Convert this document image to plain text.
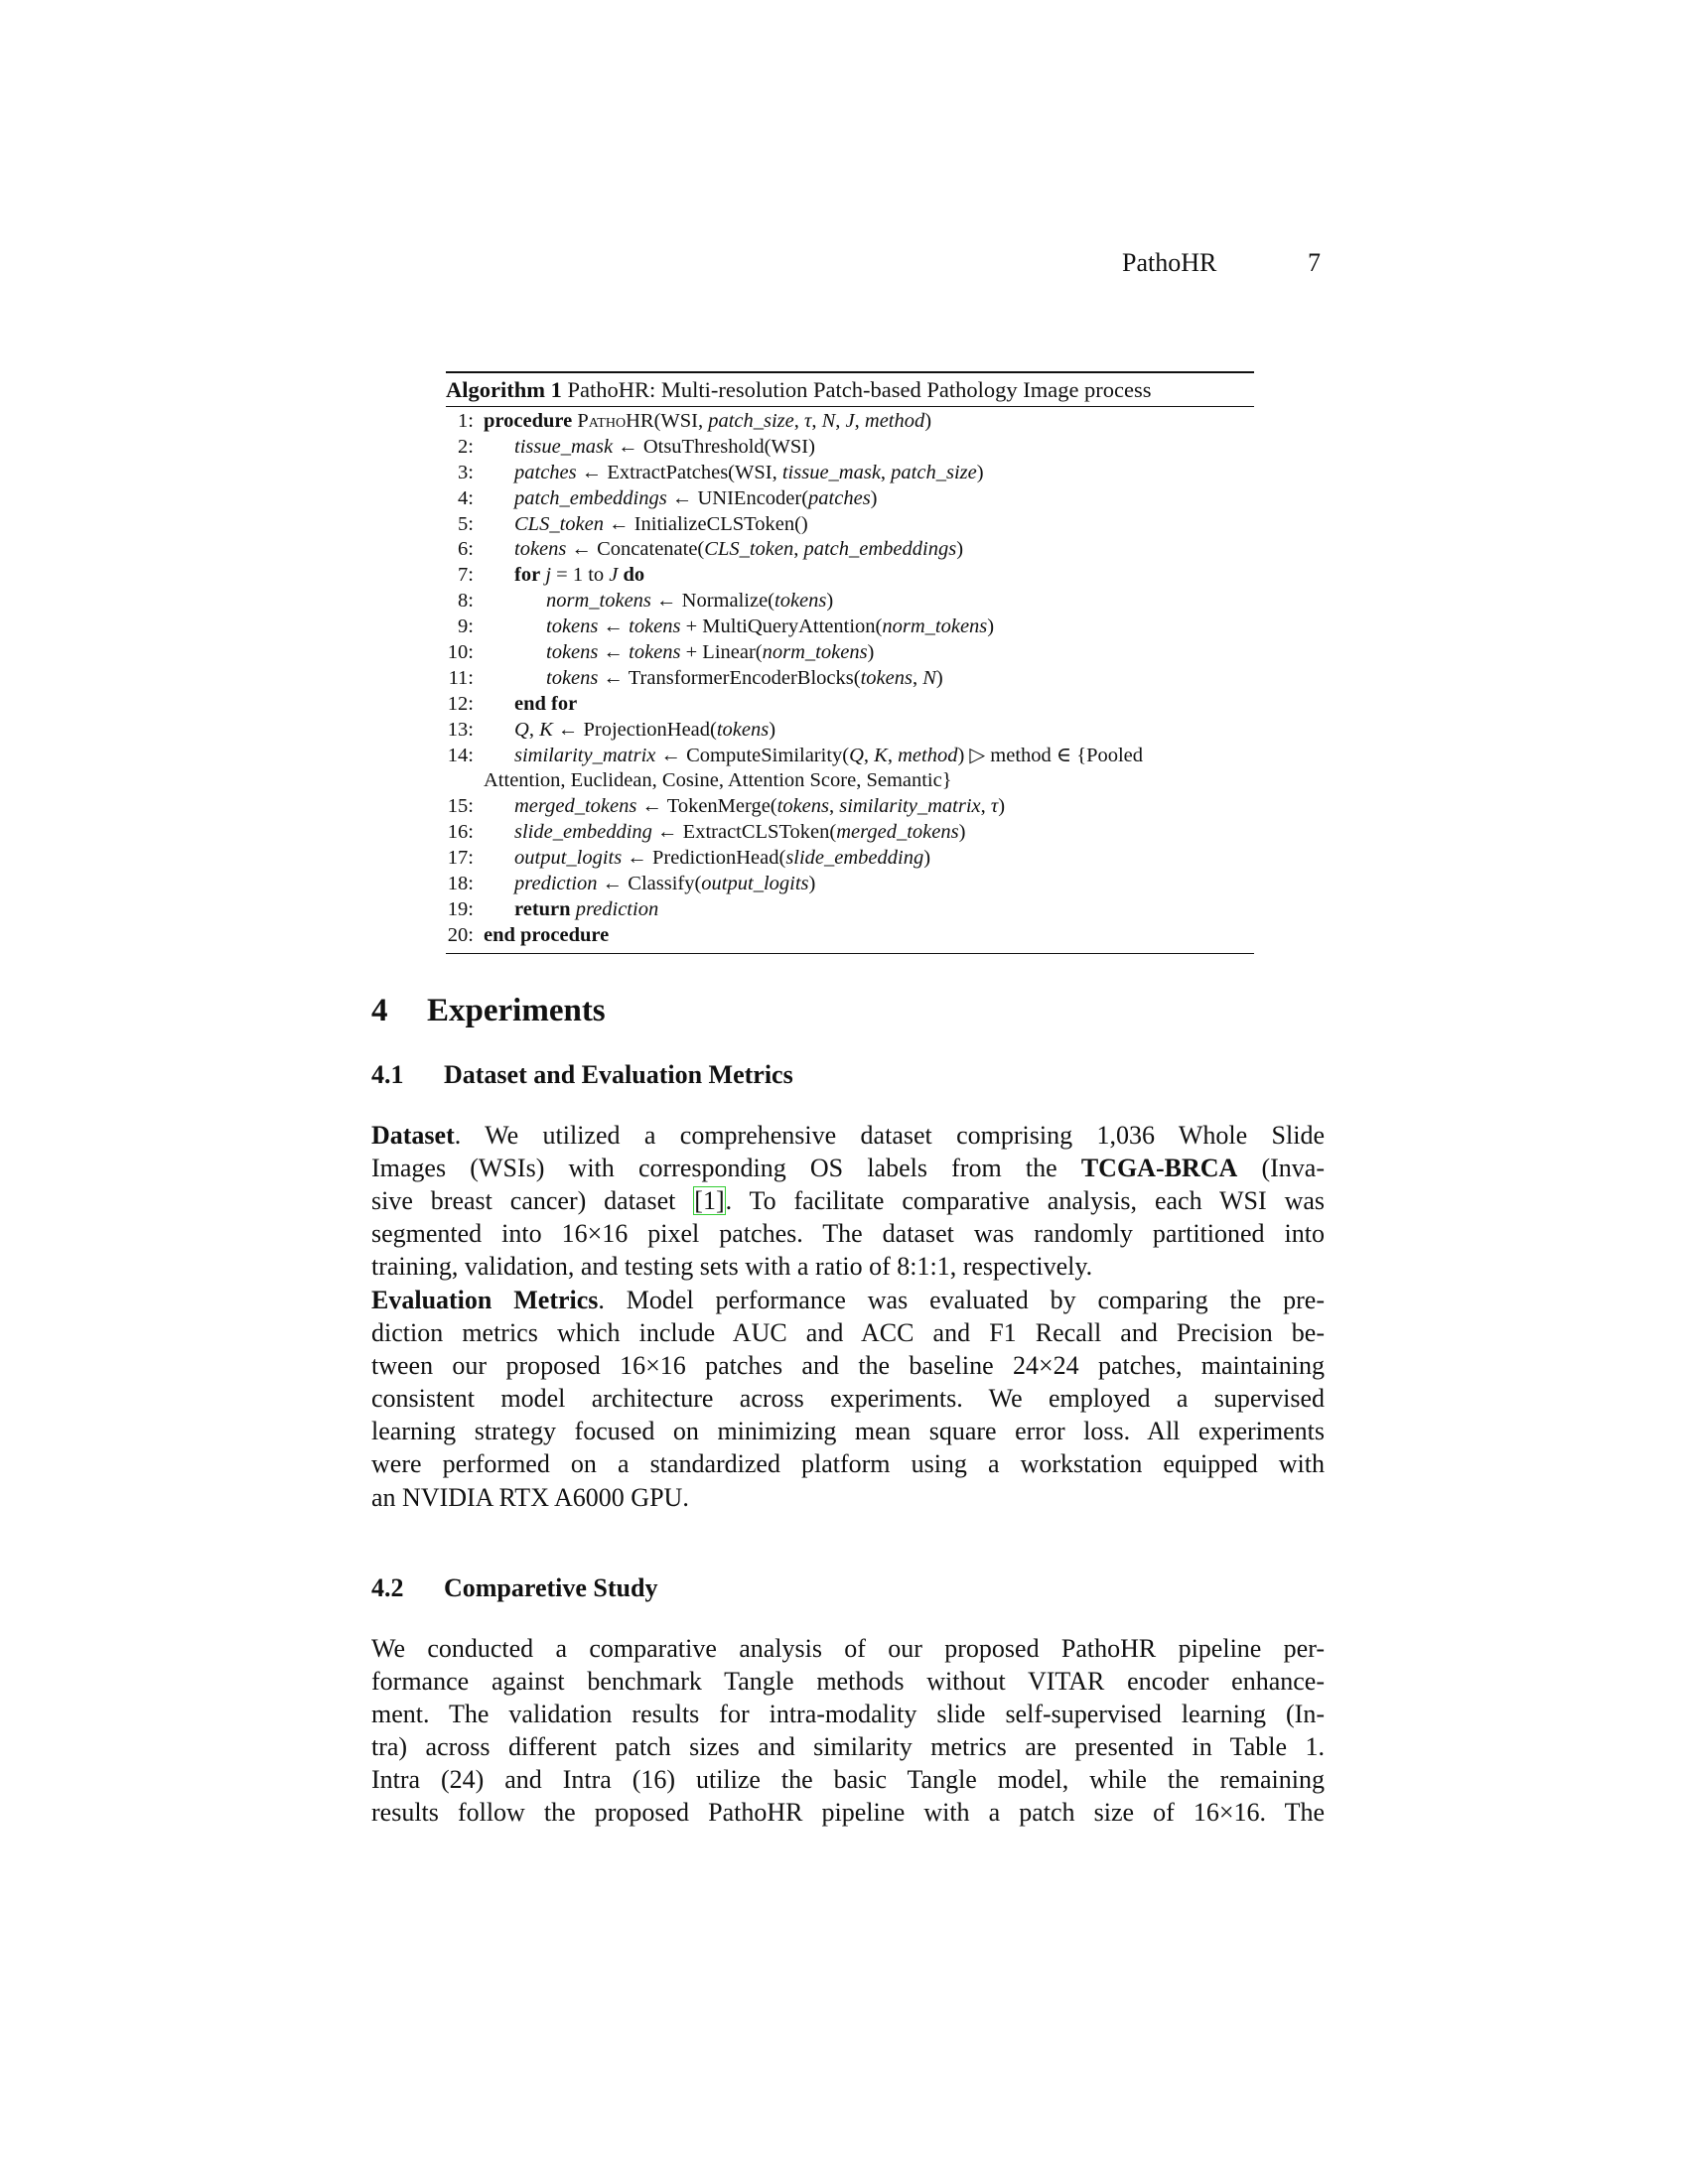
PathoHR	7
Algorithm 1 PathoHR: Multi-resolution Patch-based Pathology Image process
1: procedure PathoHR(WSI, patch_size, τ, N, J, method)
2: tissue_mask ← OtsuThreshold(WSI)
3: patches ← ExtractPatches(WSI, tissue_mask, patch_size)
4: patch_embeddings ← UNIEncoder(patches)
5: CLS_token ← InitializeCLSToken()
6: tokens ← Concatenate(CLS_token, patch_embeddings)
7: for j = 1 to J do
8:	norm_tokens ← Normalize(tokens)
9:	tokens ← tokens + MultiQueryAttention(norm_tokens)
10:	tokens ← tokens + Linear(norm_tokens)
11:	tokens ← TransformerEncoderBlocks(tokens, N)
12: end for
13: Q, K ← ProjectionHead(tokens)
14: similarity_matrix ← ComputeSimilarity(Q, K, method) ▷ method ∈ {Pooled
Attention, Euclidean, Cosine, Attention Score, Semantic}
15: merged_tokens ← TokenMerge(tokens, similarity_matrix, τ)
16: slide_embedding ← ExtractCLSToken(merged_tokens)
17: output_logits ← PredictionHead(slide_embedding)
18: prediction ← Classify(output_logits)
19: return prediction
20: end procedure
4 Experiments
4.1 Dataset and Evaluation Metrics
Dataset. We utilized a comprehensive dataset comprising 1,036 Whole Slide
Images (WSIs) with corresponding OS labels from the TCGA-BRCA (Inva-
sive breast cancer) dataset [1]. To facilitate comparative analysis, each WSI was
segmented into 16×16 pixel patches. The dataset was randomly partitioned into
training, validation, and testing sets with a ratio of 8:1:1, respectively.
Evaluation Metrics. Model performance was evaluated by comparing the pre-
diction metrics which include AUC and ACC and F1 Recall and Precision be-
tween our proposed 16×16 patches and the baseline 24×24 patches, maintaining
consistent model architecture across experiments. We employed a supervised
learning strategy focused on minimizing mean square error loss. All experiments
were performed on a standardized platform using a workstation equipped with
an NVIDIA RTX A6000 GPU.
4.2 Comparetive Study
We conducted a comparative analysis of our proposed PathoHR pipeline per-
formance against benchmark Tangle methods without VITAR encoder enhance-
ment. The validation results for intra-modality slide self-supervised learning (In-
tra) across different patch sizes and similarity metrics are presented in Table 1.
Intra (24) and Intra (16) utilize the basic Tangle model, while the remaining
results follow the proposed PathoHR pipeline with a patch size of 16×16. The
